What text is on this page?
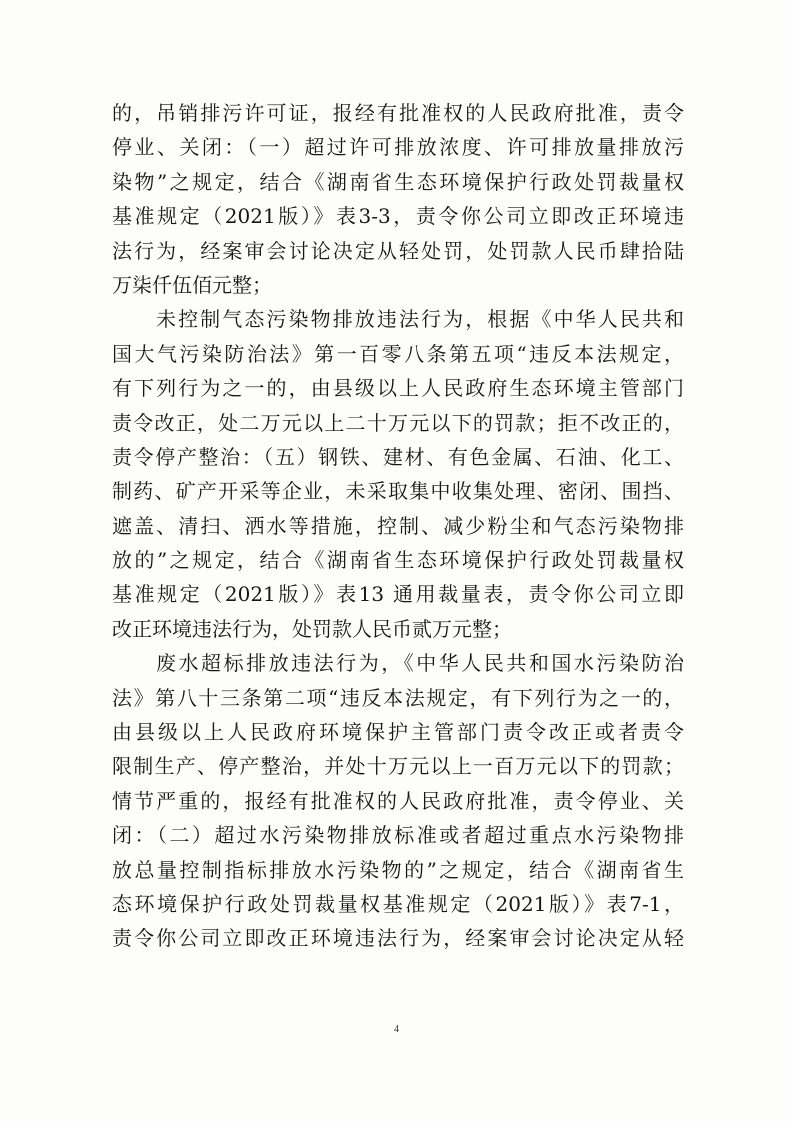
的，吊销排污许可证，报经有批准权的人民政府批准，责令
停业、关闭：（一）超过许可排放浓度、许可排放量排放污
染物”之规定，结合《湖南省生态环境保护行政处罚裁量权
基准规定（2021版）》表3-3，责令你公司立即改正环境违
法行为，经案审会讨论决定从轻处罚，处罚款人民币肆拾陆
万柒仟伍佰元整；
未控制气态污染物排放违法行为，根据《中华人民共和
国大气污染防治法》第一百零八条第五项“违反本法规定，
有下列行为之一的，由县级以上人民政府生态环境主管部门
责令改正，处二万元以上二十万元以下的罚款；拒不改正的，
责令停产整治：（五）钢铁、建材、有色金属、石油、化工、
制药、矿产开采等企业，未采取集中收集处理、密闭、围挡、
遮盖、清扫、洒水等措施，控制、减少粉尘和气态污染物排
放的”之规定，结合《湖南省生态环境保护行政处罚裁量权
基准规定（2021版）》表13 通用裁量表，责令你公司立即
改正环境违法行为，处罚款人民币贰万元整；
废水超标排放违法行为，《中华人民共和国水污染防治
法》第八十三条第二项“违反本法规定，有下列行为之一的，
由县级以上人民政府环境保护主管部门责令改正或者责令
限制生产、停产整治，并处十万元以上一百万元以下的罚款；
情节严重的，报经有批准权的人民政府批准，责令停业、关
闭：（二）超过水污染物排放标准或者超过重点水污染物排
放总量控制指标排放水污染物的”之规定，结合《湖南省生
态环境保护行政处罚裁量权基准规定（2021版）》表7-1，
责令你公司立即改正环境违法行为，经案审会讨论决定从轻
4
